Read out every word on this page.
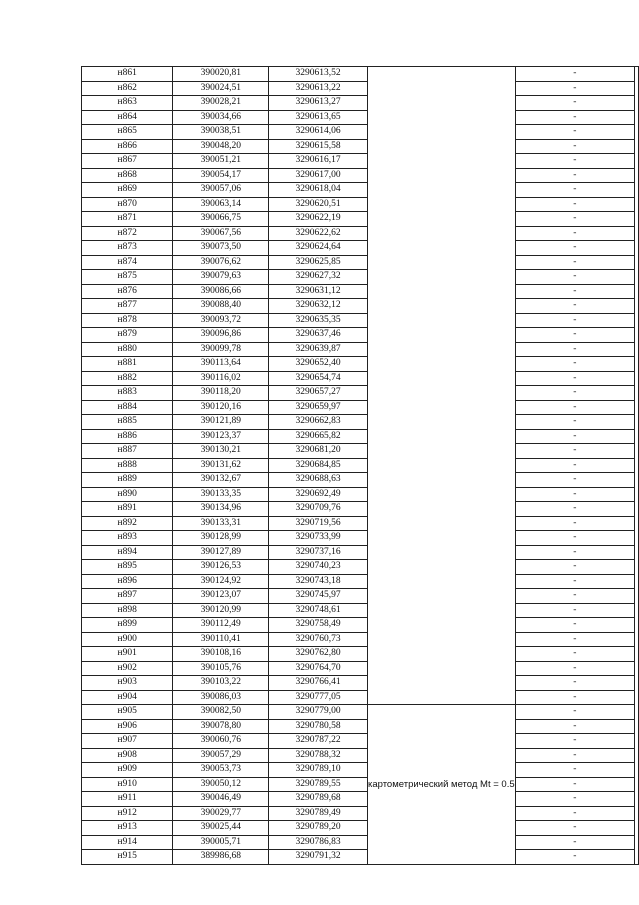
н861	390020,81	3290613,52		-	
н862	390024,51	3290613,22		-	
н863	390028,21	3290613,27		-	
н864	390034,66	3290613,65		-	
н865	390038,51	3290614,06		-	
н866	390048,20	3290615,58		-	
н867	390051,21	3290616,17		-	
н868	390054,17	3290617,00		-	
н869	390057,06	3290618,04		-	
н870	390063,14	3290620,51		-	
н871	390066,75	3290622,19		-	
н872	390067,56	3290622,62		-	
н873	390073,50	3290624,64		-	
н874	390076,62	3290625,85		-	
н875	390079,63	3290627,32		-	
н876	390086,66	3290631,12		-	
н877	390088,40	3290632,12		-	
н878	390093,72	3290635,35		-	
н879	390096,86	3290637,46		-	
н880	390099,78	3290639,87		-	
н881	390113,64	3290652,40		-	
н882	390116,02	3290654,74		-	
н883	390118,20	3290657,27		-	
н884	390120,16	3290659,97		-	
н885	390121,89	3290662,83		-	
н886	390123,37	3290665,82		-	
н887	390130,21	3290681,20		-	
н888	390131,62	3290684,85		-	
н889	390132,67	3290688,63		-	
н890	390133,35	3290692,49		-	
н891	390134,96	3290709,76		-	
н892	390133,31	3290719,56		-	
н893	390128,99	3290733,99		-	
н894	390127,89	3290737,16		-	
н895	390126,53	3290740,23		-	
н896	390124,92	3290743,18		-	
н897	390123,07	3290745,97		-	
н898	390120,99	3290748,61		-	
н899	390112,49	3290758,49		-	
н900	390110,41	3290760,73		-	
н901	390108,16	3290762,80		-	
н902	390105,76	3290764,70		-	
н903	390103,22	3290766,41		-	
н904	390086,03	3290777,05		-	
н905	390082,50	3290779,00	картометрический метод Mt = 0.5	-	
н906	390078,80	3290780,58		-	
н907	390060,76	3290787,22		-	
н908	390057,29	3290788,32		-	
н909	390053,73	3290789,10		-	
н910	390050,12	3290789,55		-	
н911	390046,49	3290789,68		-	
н912	390029,77	3290789,49		-	
н913	390025,44	3290789,20		-	
н914	390005,71	3290786,83		-	
н915	389986,68	3290791,32		-	
